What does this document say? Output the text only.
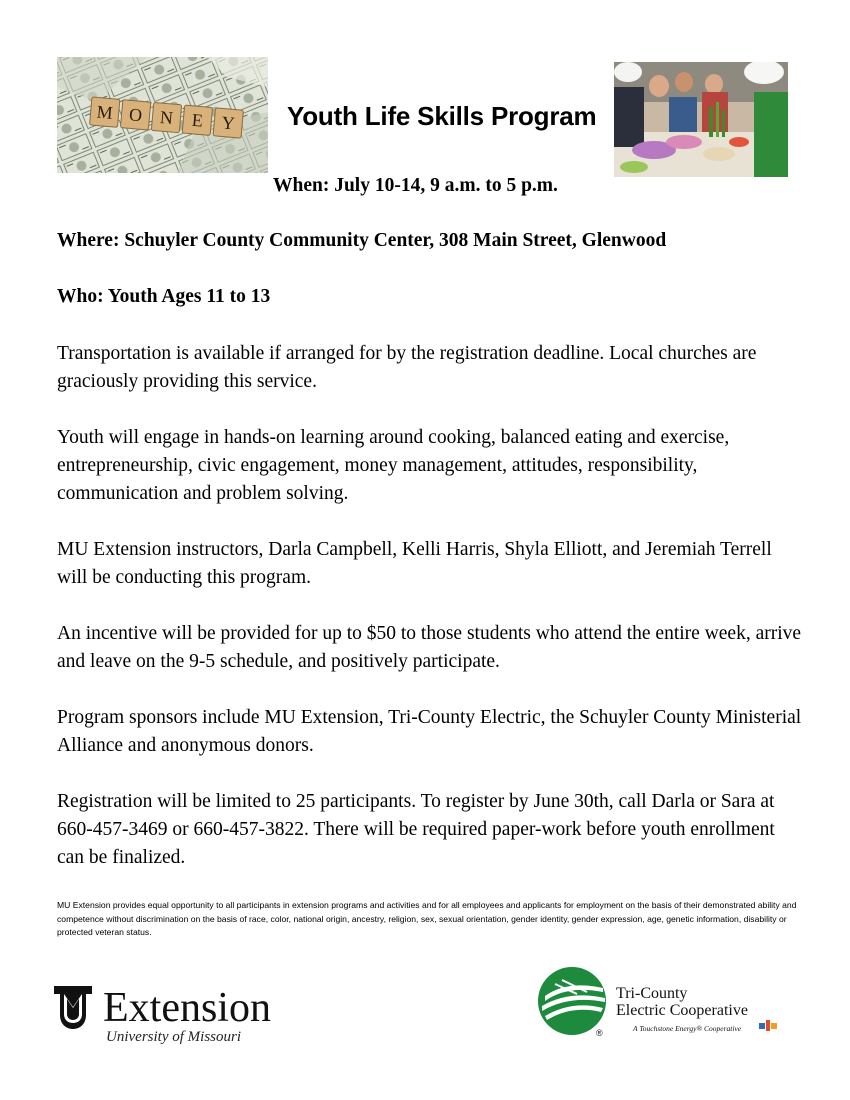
M O N E Y Youth Life Skills Program
When: July 10-14, 9 a.m. to 5 p.m.
Where: Schuyler County Community Center, 308 Main Street, Glenwood
Who: Youth Ages 11 to 13
Transportation is available if arranged for by the registration deadline. Local churches are graciously providing this service.
Youth will engage in hands-on learning around cooking, balanced eating and exercise, entrepreneurship, civic engagement, money management, attitudes, responsibility, communication and problem solving.
MU Extension instructors, Darla Campbell, Kelli Harris, Shyla Elliott, and Jeremiah Terrell will be conducting this program.
An incentive will be provided for up to $50 to those students who attend the entire week, arrive and leave on the 9-5 schedule, and positively participate.
Program sponsors include MU Extension, Tri-County Electric, the Schuyler County Ministerial Alliance and anonymous donors.
Registration will be limited to 25 participants. To register by June 30th, call Darla or Sara at 660-457-3469 or 660-457-3822. There will be required paper-work before youth enrollment can be finalized.
MU Extension provides equal opportunity to all participants in extension programs and activities and for all employees and applicants for employment on the basis of their demonstrated ability and competence without discrimination on the basis of race, color, national origin, ancestry, religion, sex, sexual orientation, gender identity, gender expression, age, genetic information, disability or protected veteran status.
Extension
University of Missouri	®
Tri-County
Electric Cooperative
A Touchstone Energy® Cooperative
